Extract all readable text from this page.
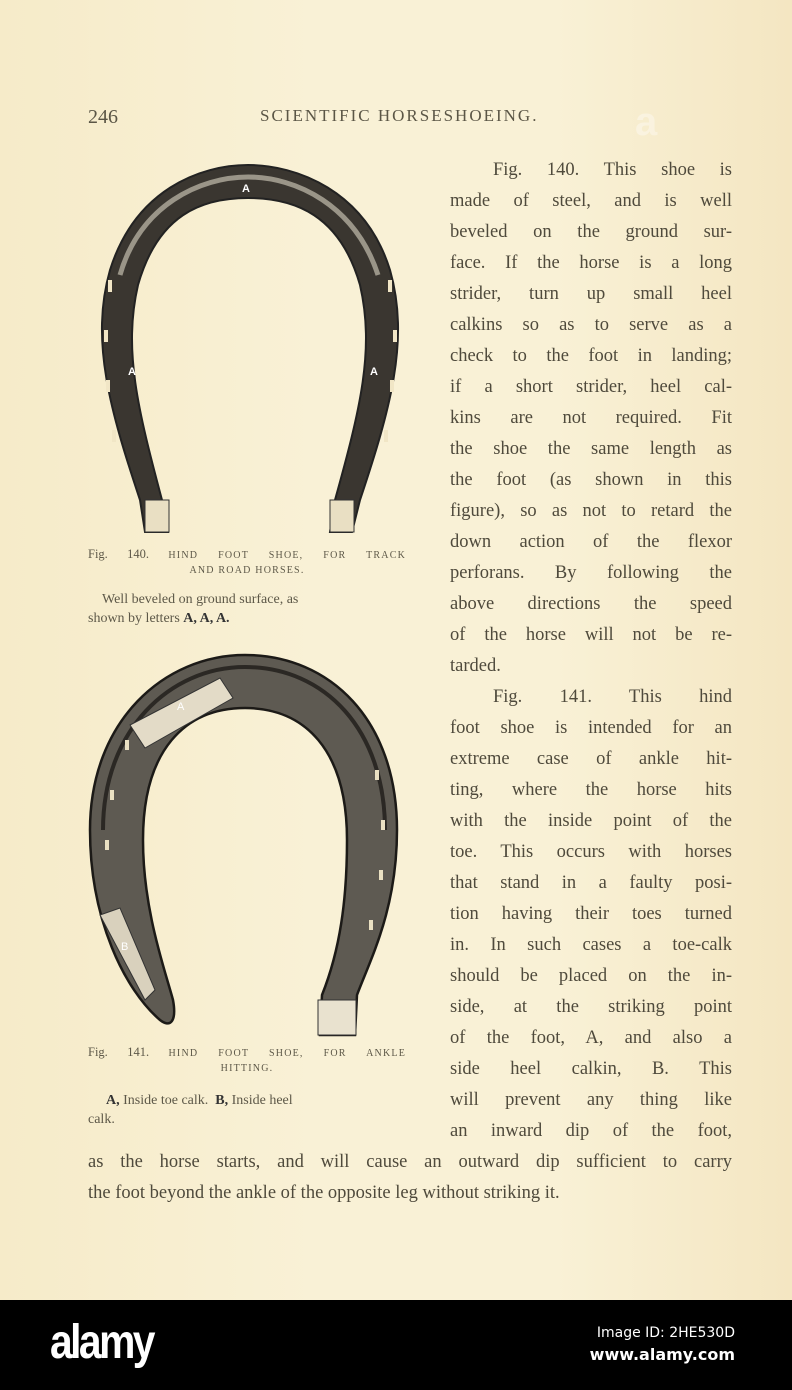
246	SCIENTIFIC HORSESHOEING.
A
A	A
Fig. 140. HIND FOOT SHOE, FOR TRACK
AND ROAD HORSES.
Well beveled on ground surface, as
shown by letters A, A, A.
A
B
Fig. 141. HIND FOOT SHOE, FOR ANKLE
HITTING.
A, Inside toe calk.  B, Inside heel
calk.
Fig. 140. This shoe is
made of steel, and is well
beveled on the ground sur-
face. If the horse is a long
strider, turn up small heel
calkins so as to serve as a
check to the foot in landing;
if a short strider, heel cal-
kins are not required. Fit
the shoe the same length as
the foot (as shown in this
figure), so as not to retard the
down action of the flexor
perforans. By following the
above directions the speed
of the horse will not be re-
tarded.
Fig. 141. This hind
foot shoe is intended for an
extreme case of ankle hit-
ting, where the horse hits
with the inside point of the
toe. This occurs with horses
that stand in a faulty posi-
tion having their toes turned
in. In such cases a toe-calk
should be placed on the in-
side, at the striking point
of the foot, A, and also a
side heel calkin, B. This
will prevent any thing like
an inward dip of the foot,
as the horse starts, and will cause an outward dip sufficient to carry
the foot beyond the ankle of the opposite leg without striking it.
a
alamy	Image ID: 2HE530D
www.alamy.com
